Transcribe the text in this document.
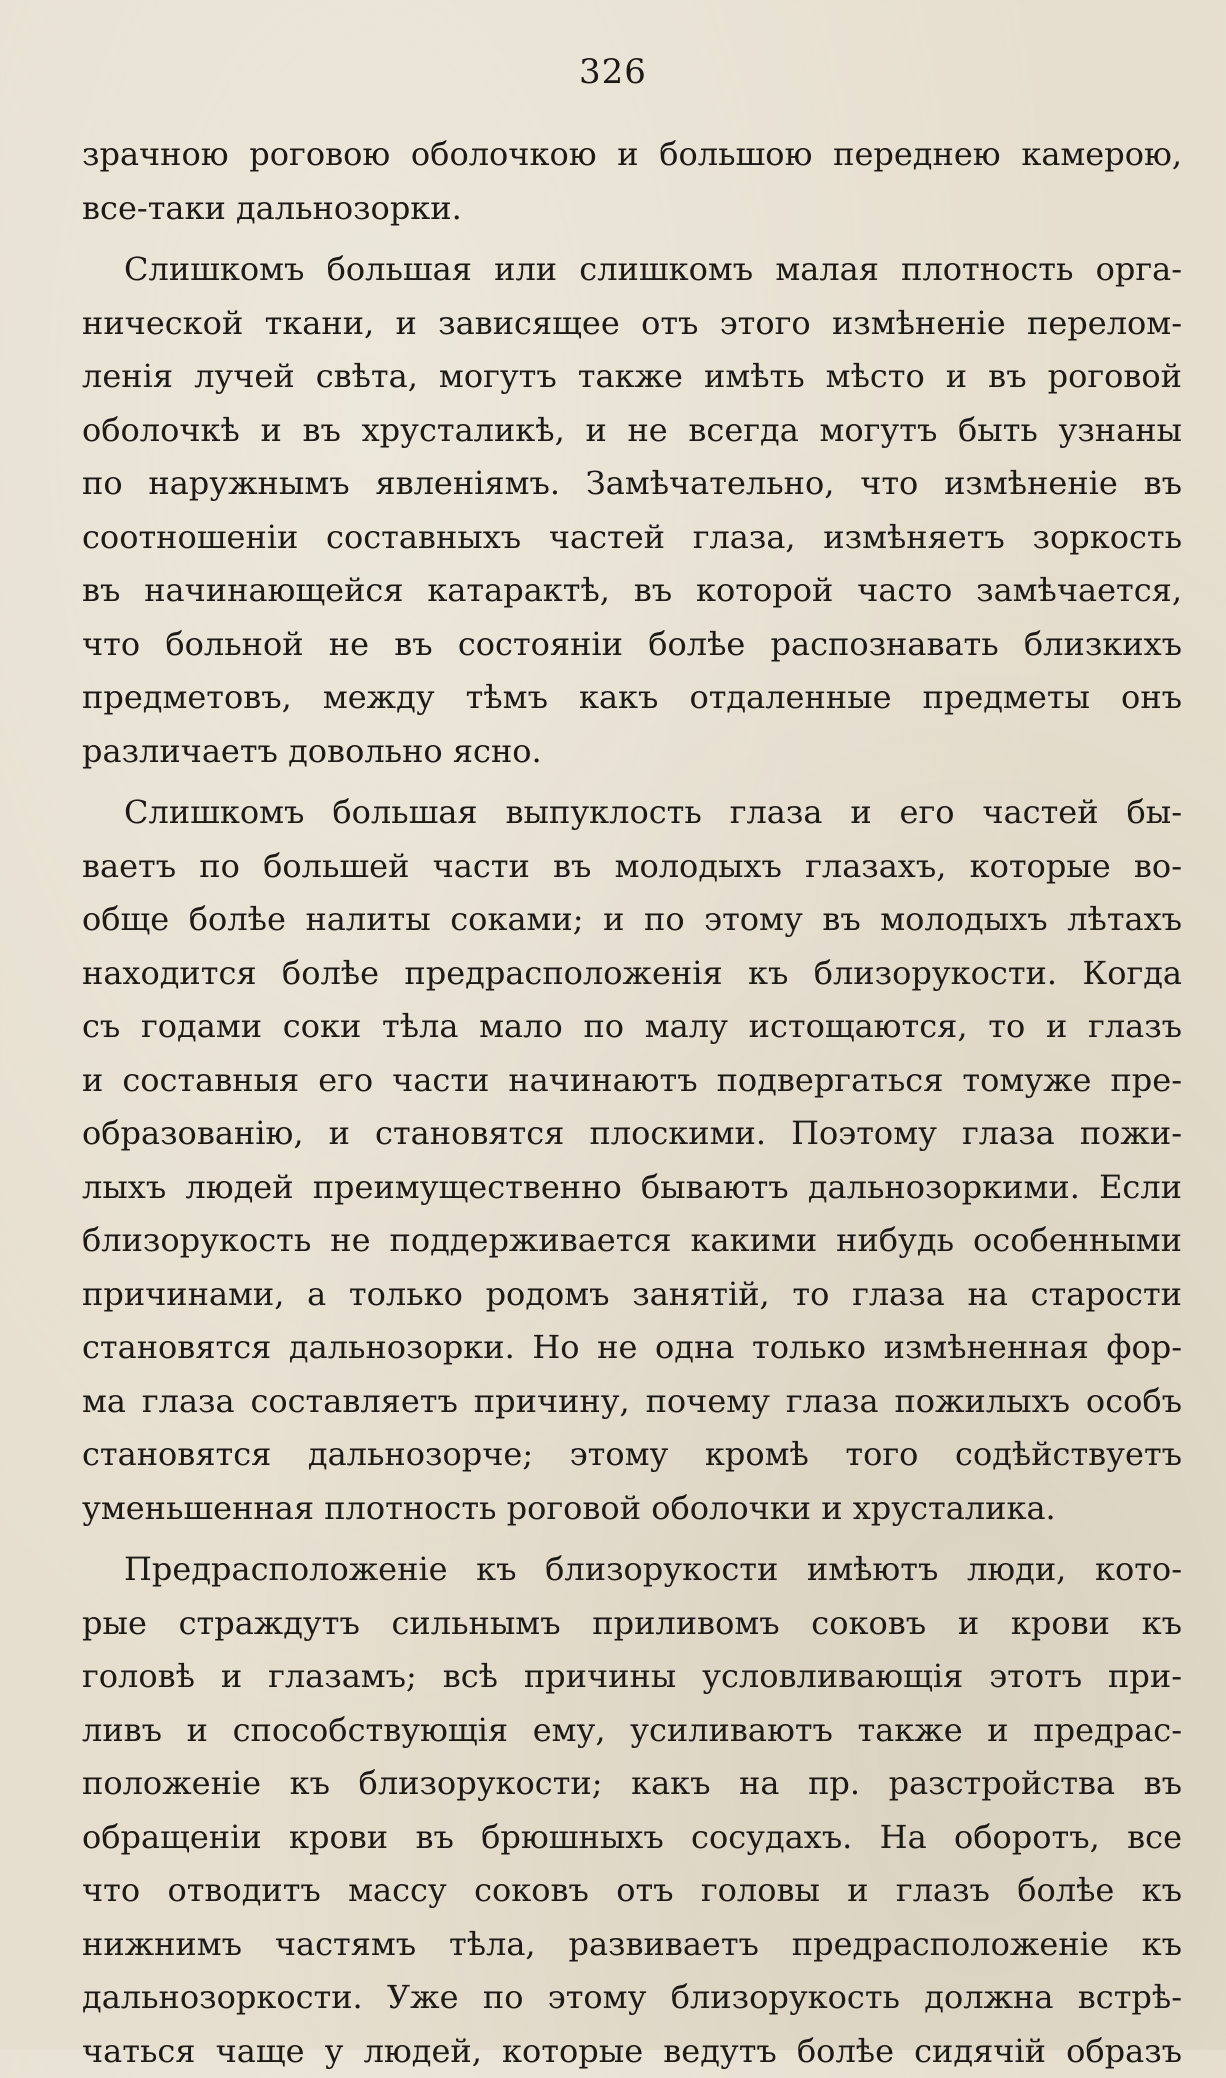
326
зрачною роговою оболочкою и большою переднею камерою,
все-таки дальнозорки.
Слишкомъ большая или слишкомъ малая плотность орга-
нической ткани, и зависящее отъ этого измѣненіе перелом-
ленія лучей свѣта, могутъ также имѣть мѣсто и въ роговой
оболочкѣ и въ хрусталикѣ, и не всегда могутъ быть узнаны
по наружнымъ явленіямъ. Замѣчательно, что измѣненіе въ
соотношеніи составныхъ частей глаза, измѣняетъ зоркость
въ начинающейся катарактѣ, въ которой часто замѣчается,
что больной не въ состояніи болѣе распознавать близкихъ
предметовъ, между тѣмъ какъ отдаленные предметы онъ
различаетъ довольно ясно.
Слишкомъ большая выпуклость глаза и его частей бы-
ваетъ по большей части въ молодыхъ глазахъ, которые во-
обще болѣе налиты соками; и по этому въ молодыхъ лѣтахъ
находится болѣе предрасположенія къ близорукости. Когда
съ годами соки тѣла мало по малу истощаются, то и глазъ
и составныя его части начинаютъ подвергаться томуже пре-
образованію, и становятся плоскими. Поэтому глаза пожи-
лыхъ людей преимущественно бываютъ дальнозоркими. Если
близорукость не поддерживается какими нибудь особенными
причинами, а только родомъ занятій, то глаза на старости
становятся дальнозорки. Но не одна только измѣненная фор-
ма глаза составляетъ причину, почему глаза пожилыхъ особъ
становятся дальнозорче; этому кромѣ того содѣйствуетъ
уменьшенная плотность роговой оболочки и хрусталика.
Предрасположеніе къ близорукости имѣютъ люди, кото-
рые страждутъ сильнымъ приливомъ соковъ и крови къ
головѣ и глазамъ; всѣ причины условливающія этотъ при-
ливъ и способствующія ему, усиливаютъ также и предрас-
положеніе къ близорукости; какъ на пр. разстройства въ
обращеніи крови въ брюшныхъ сосудахъ. На оборотъ, все
что отводитъ массу соковъ отъ головы и глазъ болѣе къ
нижнимъ частямъ тѣла, развиваетъ предрасположеніе къ
дальнозоркости. Уже по этому близорукость должна встрѣ-
чаться чаще у людей, которые ведутъ болѣе сидячій образъ
